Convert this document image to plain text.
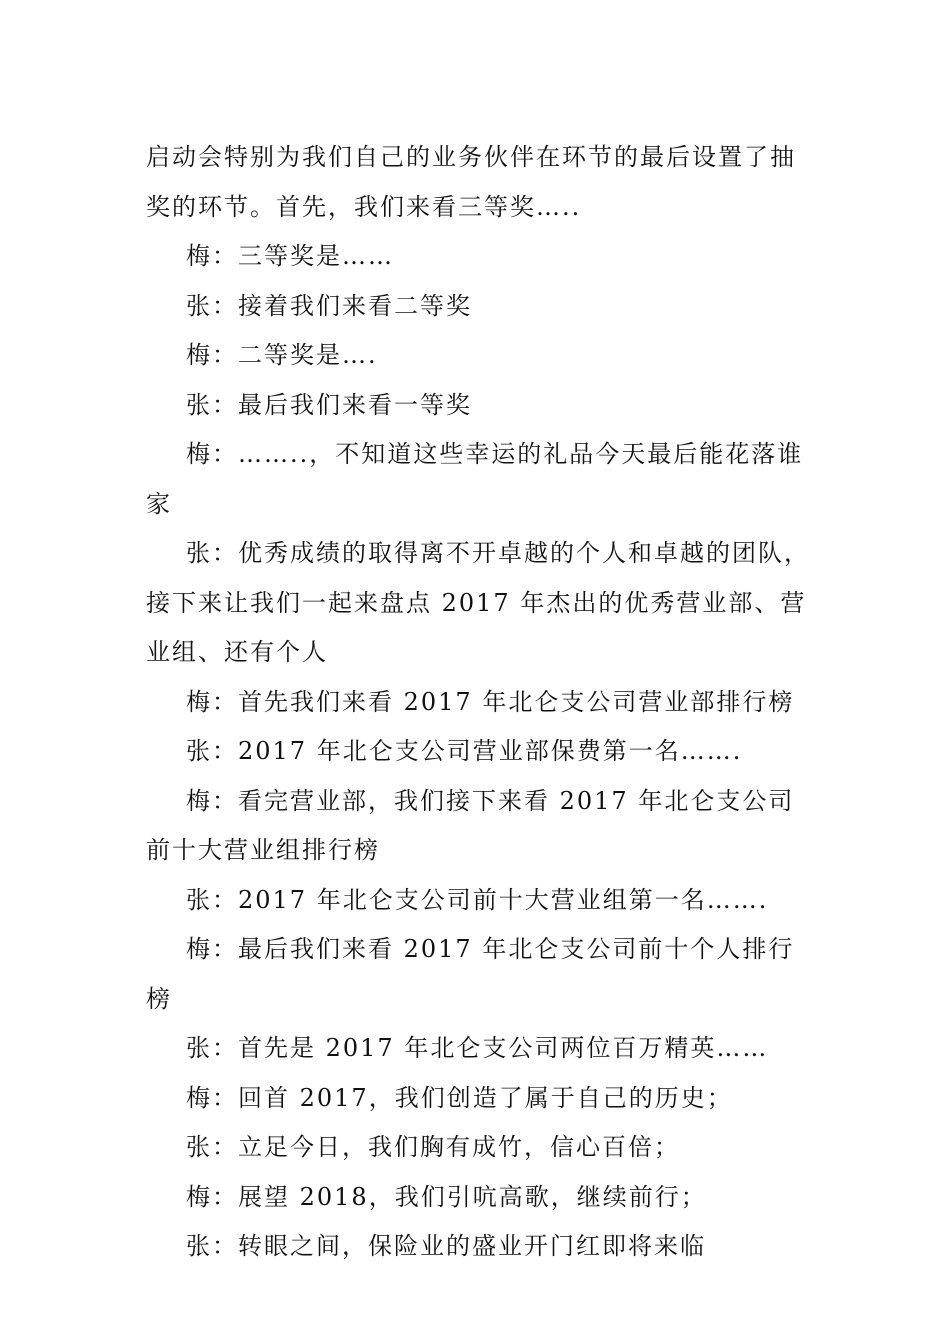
启动会特别为我们自己的业务伙伴在环节的最后设置了抽奖的环节。首先，我们来看三等奖…..

梅：三等奖是……

张：接着我们来看二等奖

梅：二等奖是….

张：最后我们来看一等奖

梅：……..，不知道这些幸运的礼品今天最后能花落谁家

张：优秀成绩的取得离不开卓越的个人和卓越的团队，接下来让我们一起来盘点 2017 年杰出的优秀营业部、营业组、还有个人

梅：首先我们来看 2017 年北仑支公司营业部排行榜

张：2017 年北仑支公司营业部保费第一名…….

梅：看完营业部，我们接下来看 2017 年北仑支公司前十大营业组排行榜

张：2017 年北仑支公司前十大营业组第一名…….

梅：最后我们来看 2017 年北仑支公司前十个人排行榜

张：首先是 2017 年北仑支公司两位百万精英……

梅：回首 2017，我们创造了属于自己的历史；

张：立足今日，我们胸有成竹，信心百倍；

梅：展望 2018，我们引吭高歌，继续前行；

张：转眼之间，保险业的盛业开门红即将来临
